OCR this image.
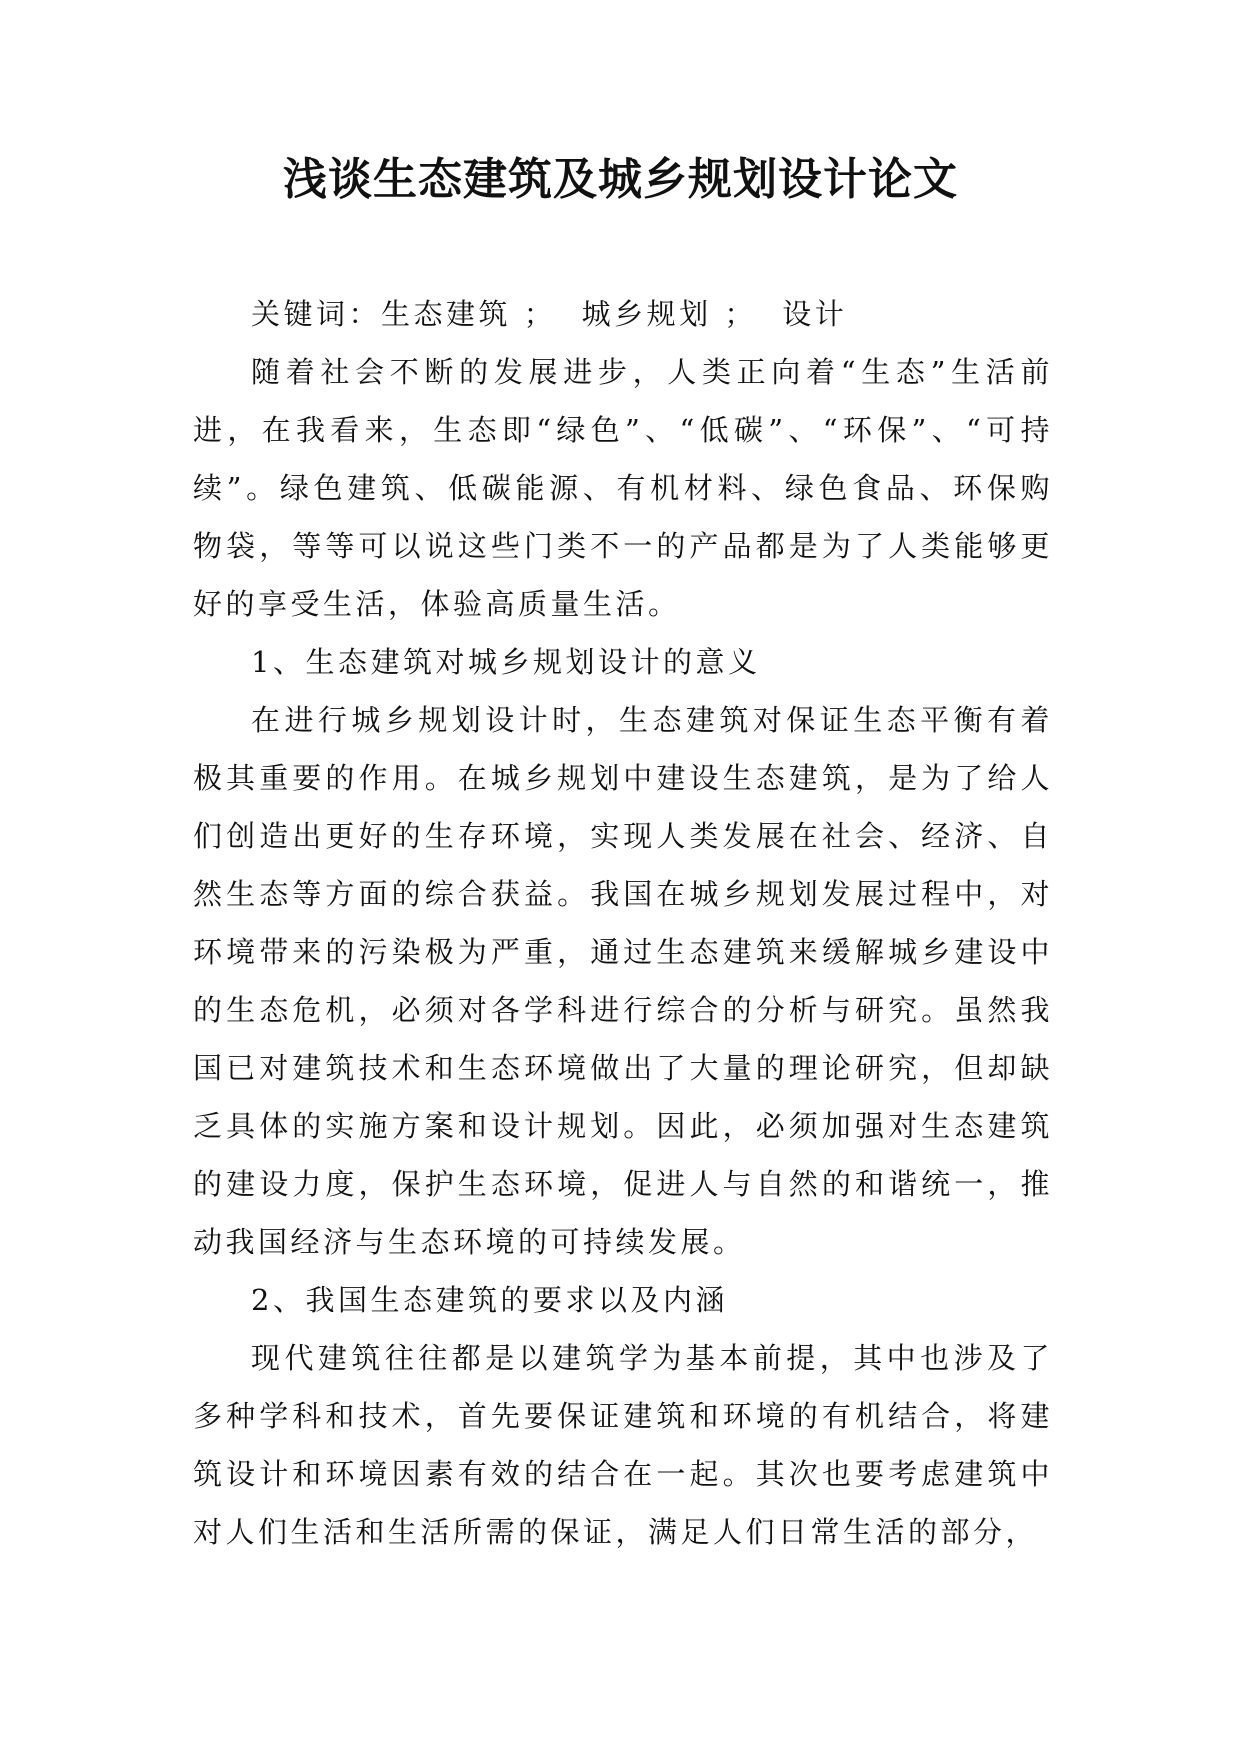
浅谈生态建筑及城乡规划设计论文

关键词：生态建筑 ；  城乡规划 ；  设计

随着社会不断的发展进步，人类正向着“生态”生活前进，在我看来，生态即“绿色”、“低碳”、“环保”、“可持续”。绿色建筑、低碳能源、有机材料、绿色食品、环保购物袋，等等可以说这些门类不一的产品都是为了人类能够更好的享受生活，体验高质量生活。

1、生态建筑对城乡规划设计的意义

在进行城乡规划设计时，生态建筑对保证生态平衡有着极其重要的作用。在城乡规划中建设生态建筑，是为了给人们创造出更好的生存环境，实现人类发展在社会、经济、自然生态等方面的综合获益。我国在城乡规划发展过程中，对环境带来的污染极为严重，通过生态建筑来缓解城乡建设中的生态危机，必须对各学科进行综合的分析与研究。虽然我国已对建筑技术和生态环境做出了大量的理论研究，但却缺乏具体的实施方案和设计规划。因此，必须加强对生态建筑的建设力度，保护生态环境，促进人与自然的和谐统一，推动我国经济与生态环境的可持续发展。

2、我国生态建筑的要求以及内涵

现代建筑往往都是以建筑学为基本前提，其中也涉及了多种学科和技术，首先要保证建筑和环境的有机结合，将建筑设计和环境因素有效的结合在一起。其次也要考虑建筑中对人们生活和生活所需的保证，满足人们日常生活的部分，
